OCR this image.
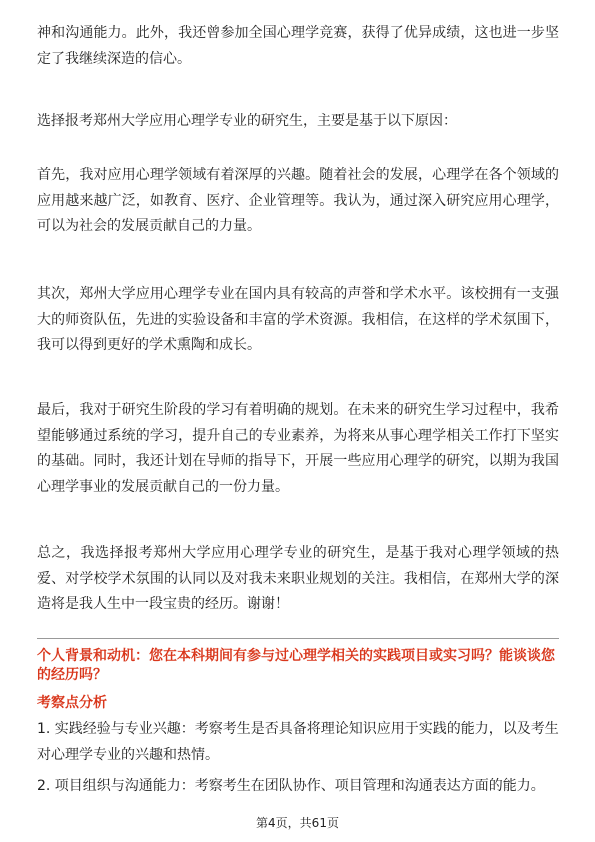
神和沟通能力。此外，我还曾参加全国心理学竞赛，获得了优异成绩，这也进一步坚定了我继续深造的信心。

选择报考郑州大学应用心理学专业的研究生，主要是基于以下原因：

首先，我对应用心理学领域有着深厚的兴趣。随着社会的发展，心理学在各个领域的应用越来越广泛，如教育、医疗、企业管理等。我认为，通过深入研究应用心理学，可以为社会的发展贡献自己的力量。

其次，郑州大学应用心理学专业在国内具有较高的声誉和学术水平。该校拥有一支强大的师资队伍，先进的实验设备和丰富的学术资源。我相信，在这样的学术氛围下，我可以得到更好的学术熏陶和成长。

最后，我对于研究生阶段的学习有着明确的规划。在未来的研究生学习过程中，我希望能够通过系统的学习，提升自己的专业素养，为将来从事心理学相关工作打下坚实的基础。同时，我还计划在导师的指导下，开展一些应用心理学的研究，以期为我国心理学事业的发展贡献自己的一份力量。

总之，我选择报考郑州大学应用心理学专业的研究生，是基于我对心理学领域的热爱、对学校学术氛围的认同以及对我未来职业规划的关注。我相信，在郑州大学的深造将是我人生中一段宝贵的经历。谢谢！

个人背景和动机：您在本科期间有参与过心理学相关的实践项目或实习吗？能谈谈您的经历吗？

考察点分析

1. 实践经验与专业兴趣：考察考生是否具备将理论知识应用于实践的能力，以及考生对心理学专业的兴趣和热情。

2. 项目组织与沟通能力：考察考生在团队协作、项目管理和沟通表达方面的能力。

第4页，共61页
